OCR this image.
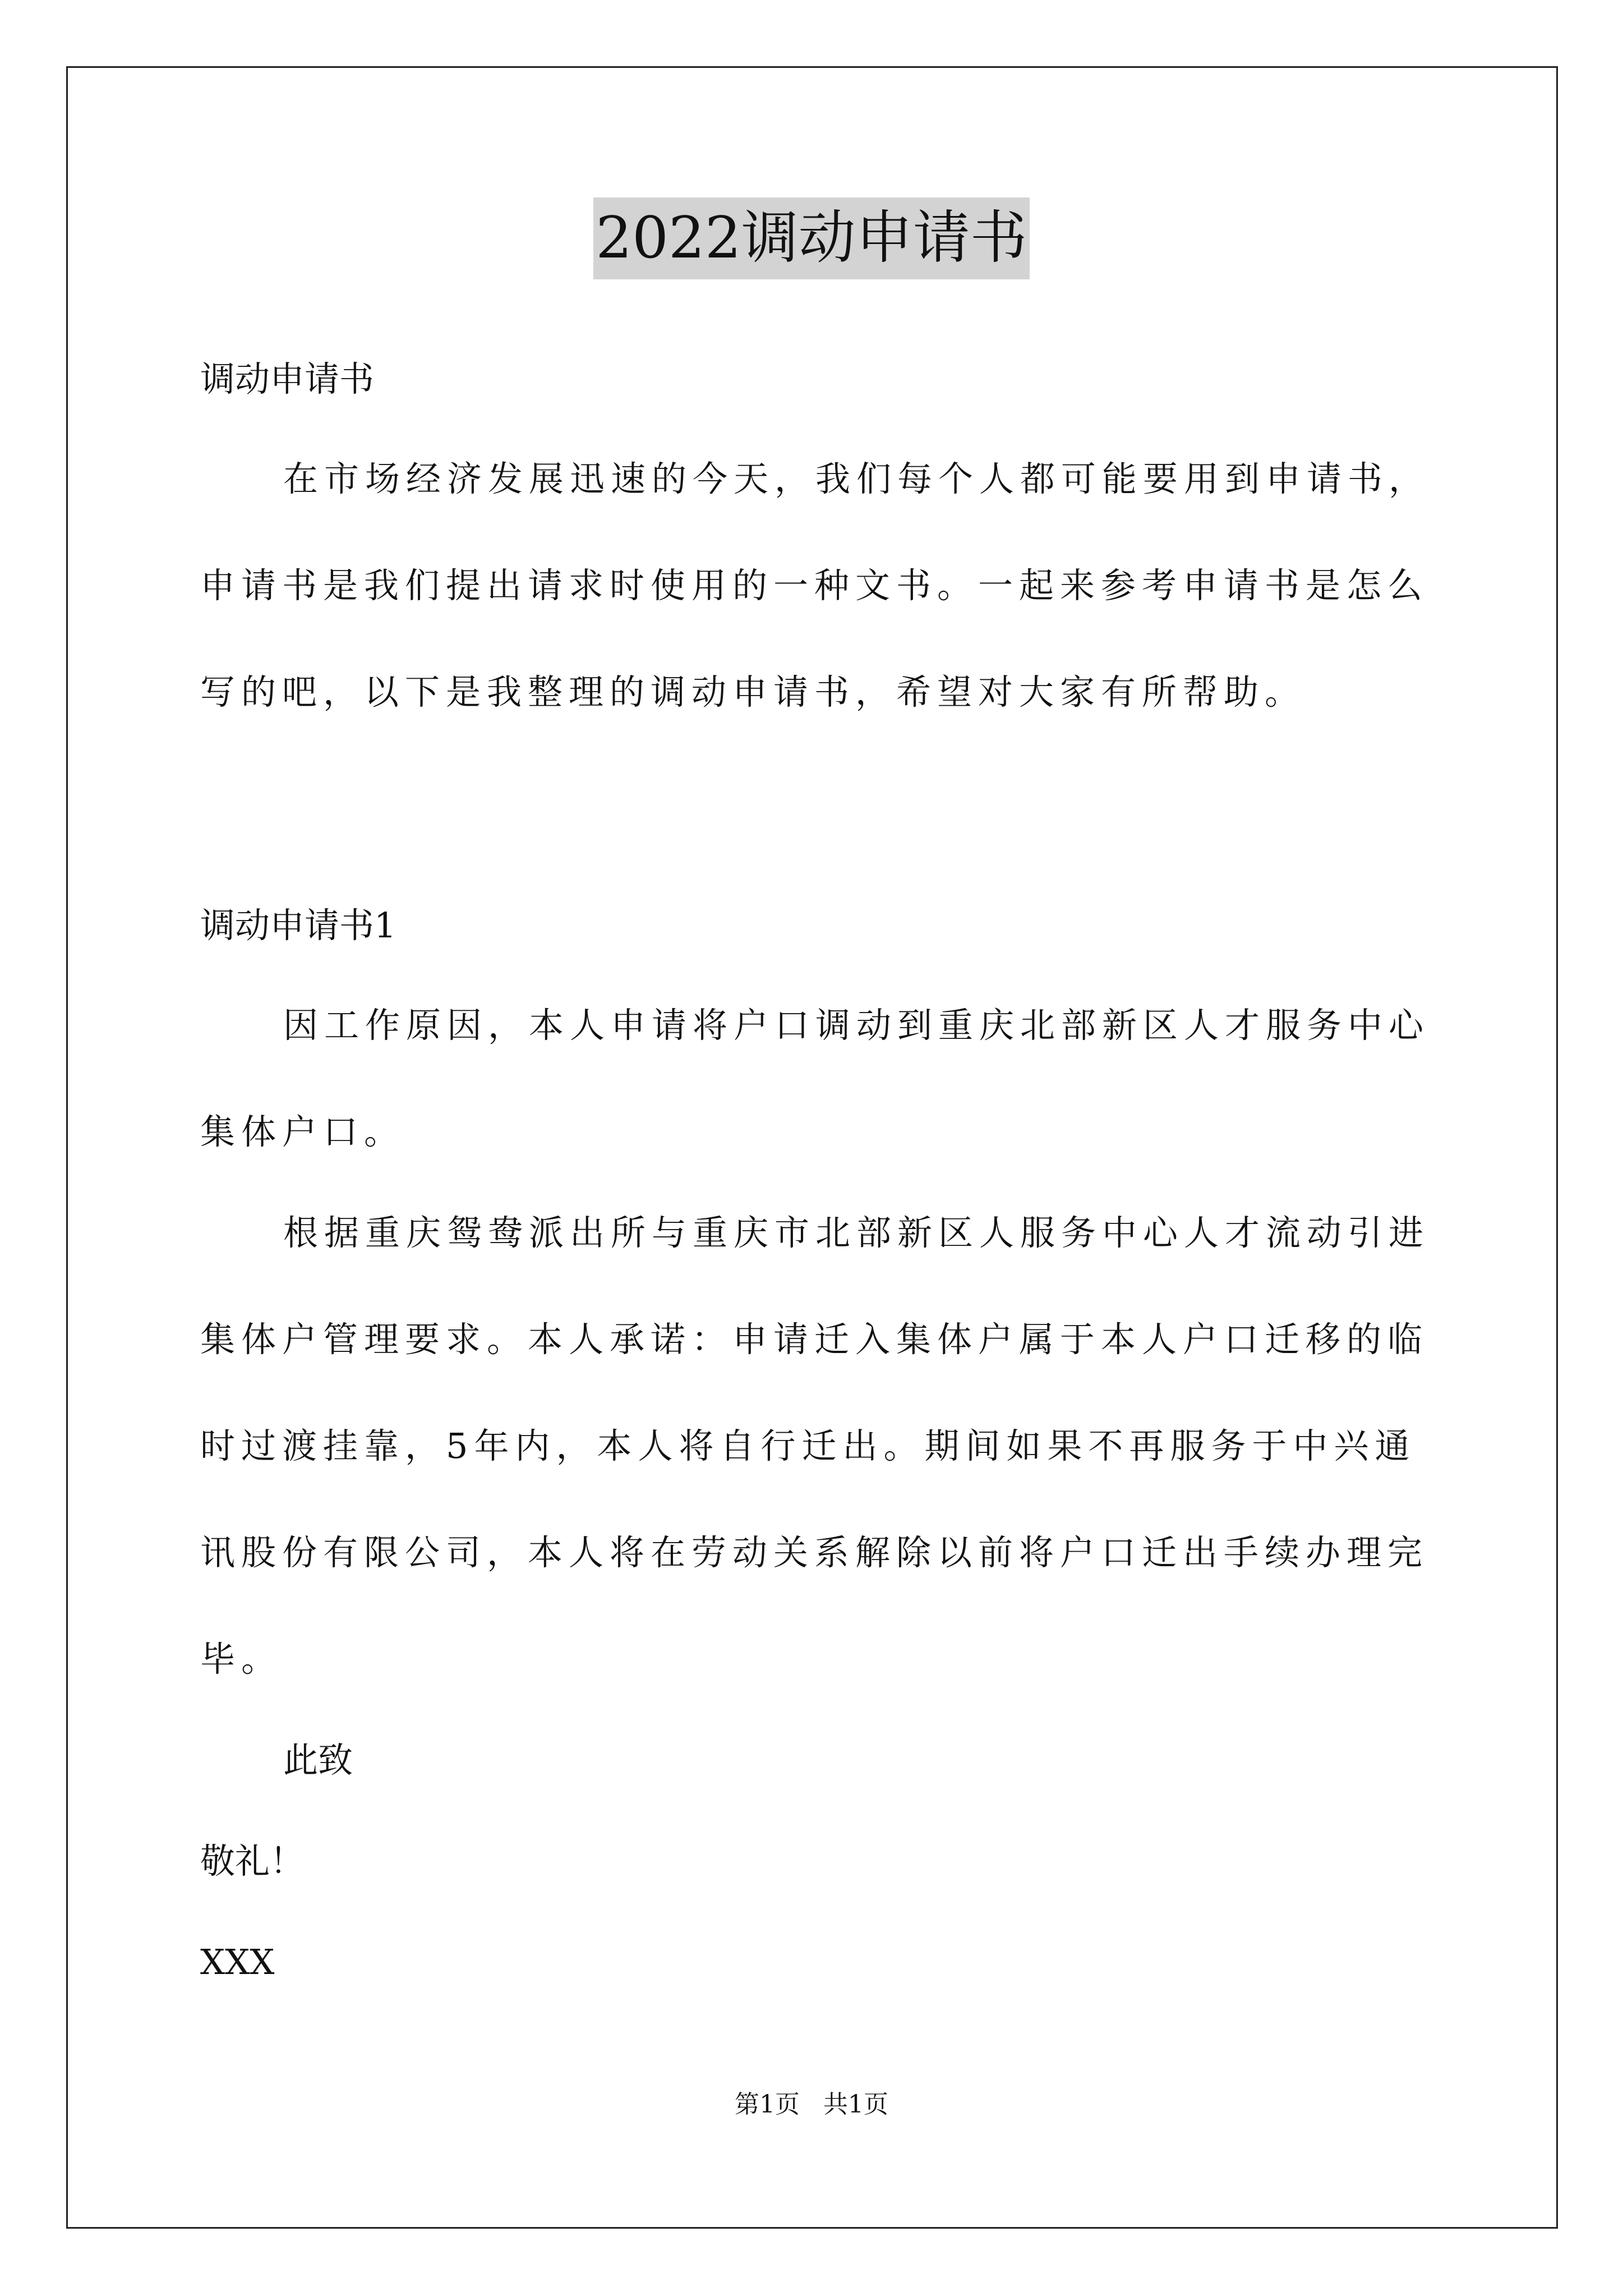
2022调动申请书
调动申请书
在市场经济发展迅速的今天，我们每个人都可能要用到申请书，
申请书是我们提出请求时使用的一种文书。一起来参考申请书是怎么
写的吧，以下是我整理的调动申请书，希望对大家有所帮助。
调动申请书1
因工作原因，本人申请将户口调动到重庆北部新区人才服务中心
集体户口。
根据重庆鸳鸯派出所与重庆市北部新区人服务中心人才流动引进
集体户管理要求。本人承诺：申请迁入集体户属于本人户口迁移的临
时过渡挂靠，5年内，本人将自行迁出。期间如果不再服务于中兴通
讯股份有限公司，本人将在劳动关系解除以前将户口迁出手续办理完
毕。
此致
敬礼！
XXX
第1页 共1页
